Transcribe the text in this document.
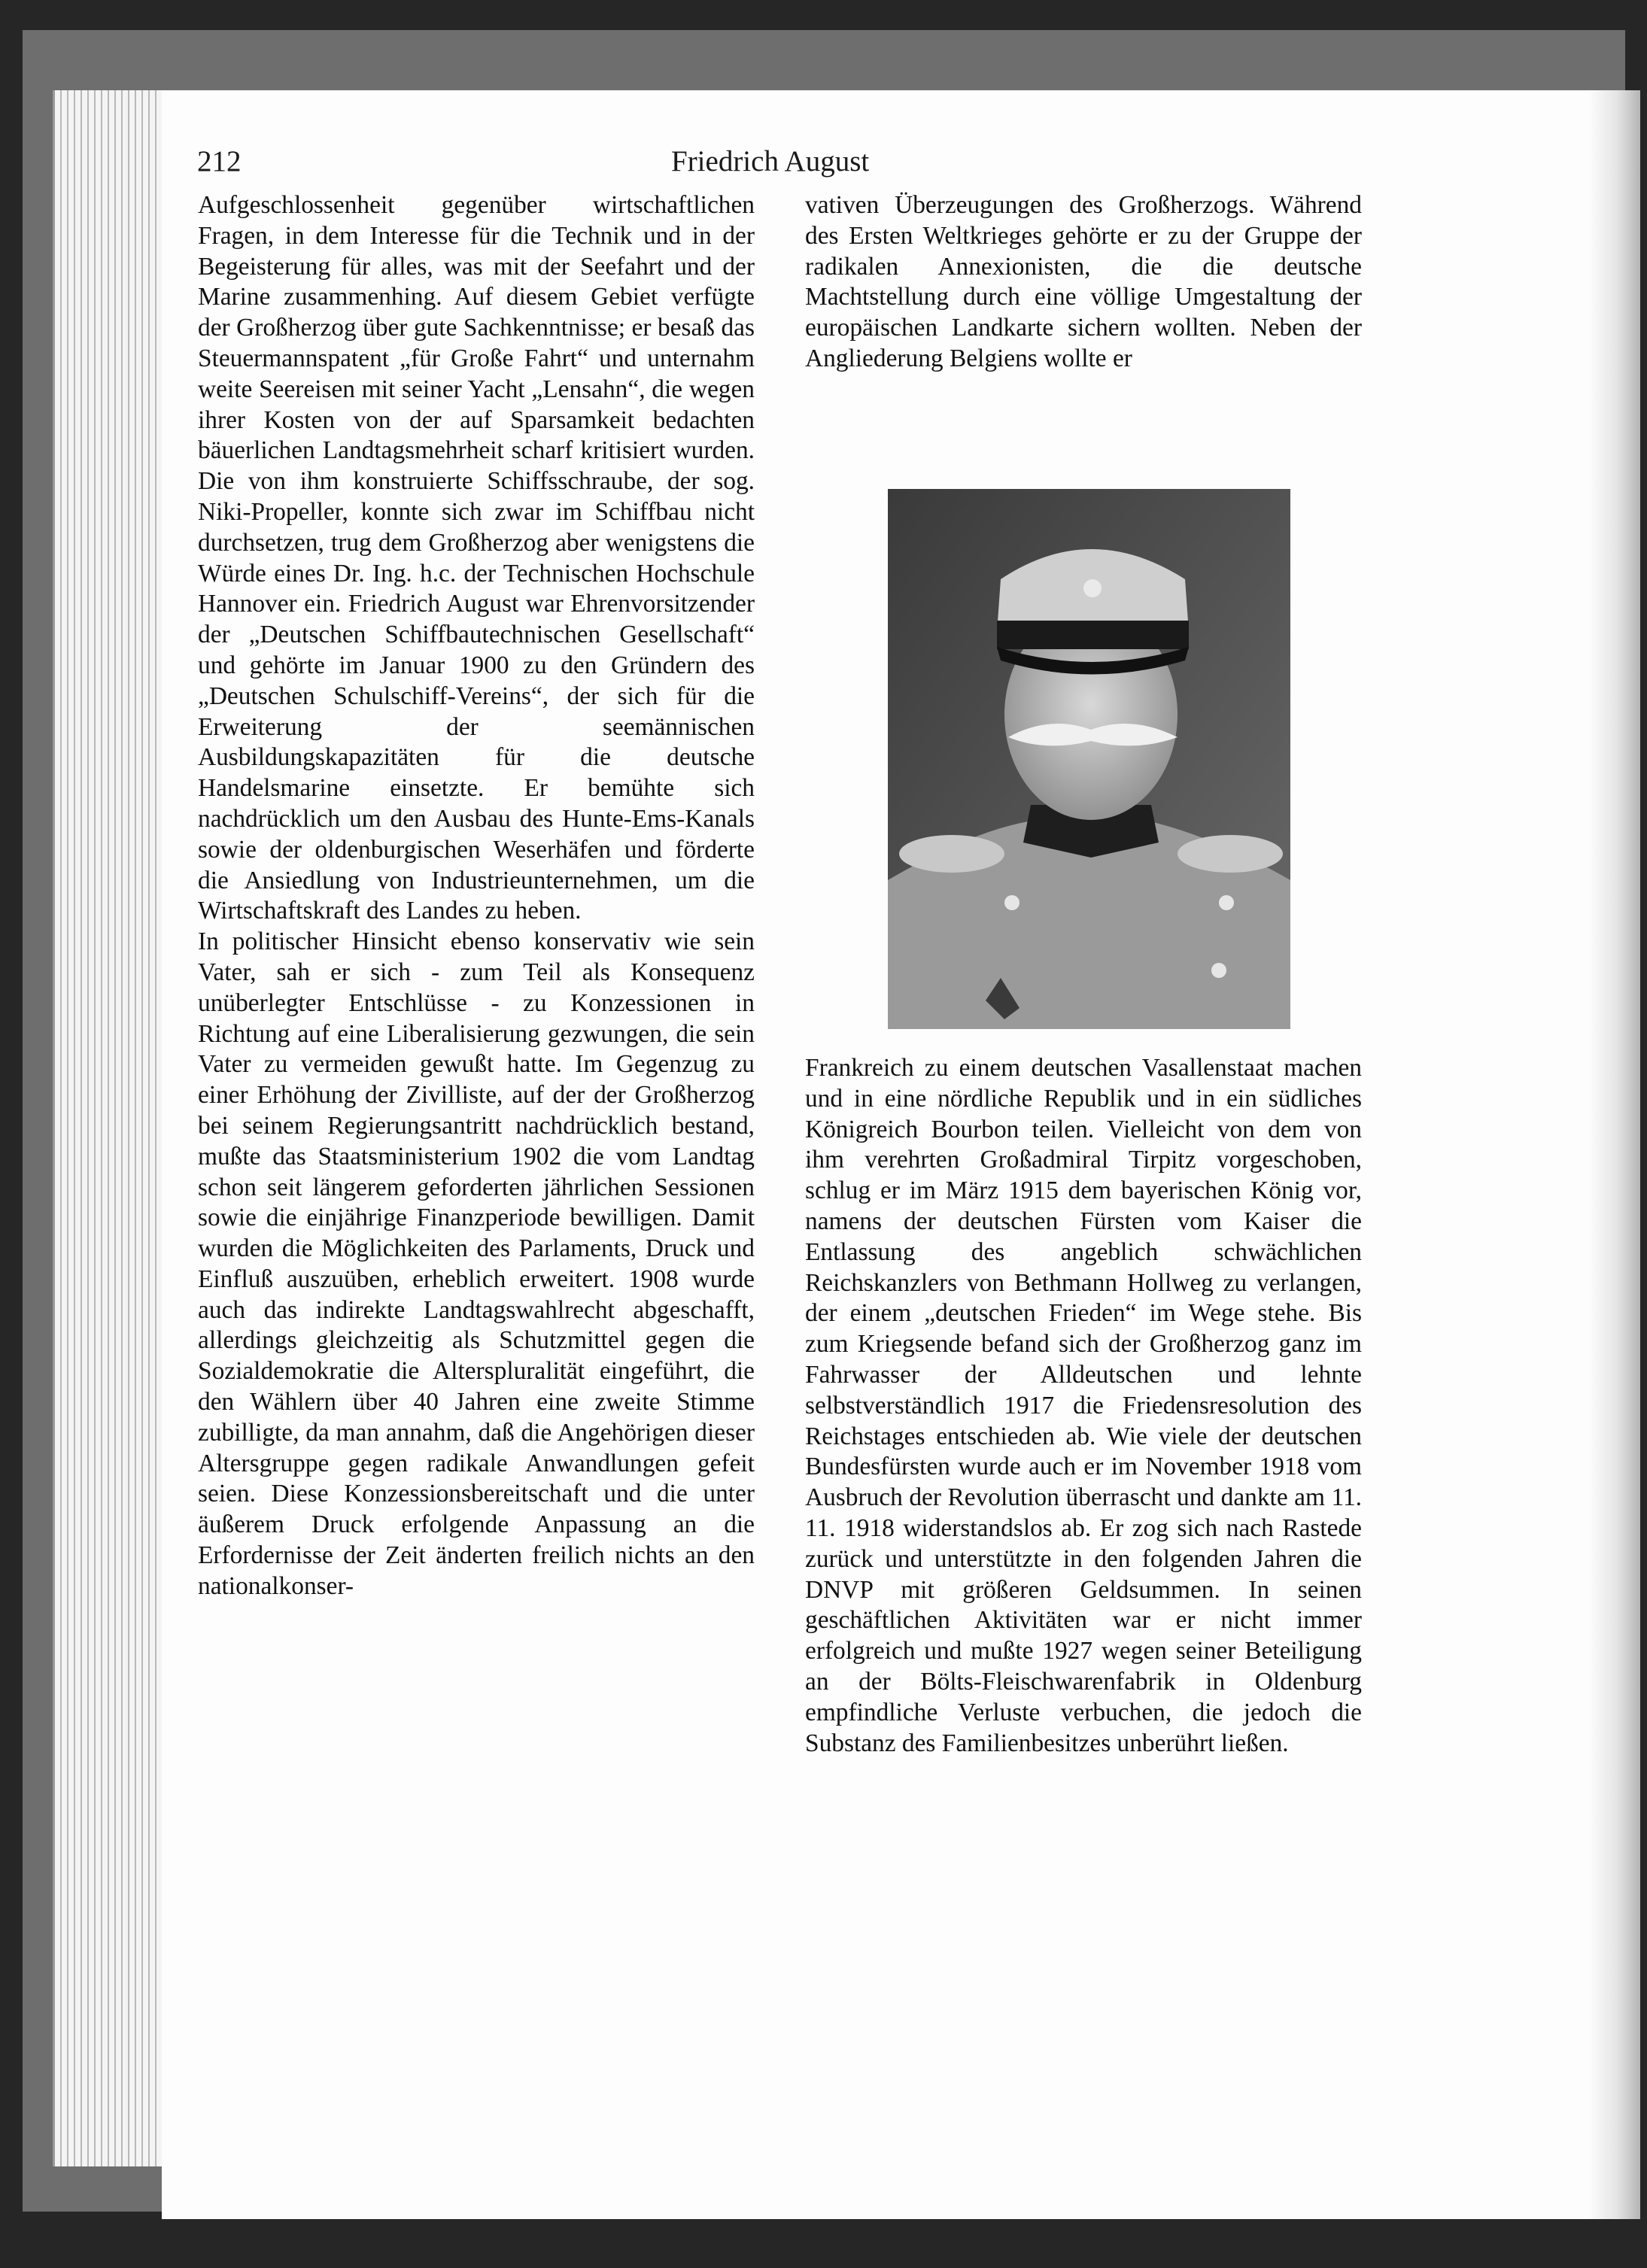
212	Friedrich August

Aufgeschlossenheit gegenüber wirtschaftlichen Fragen, in dem Interesse für die Technik und in der Begeisterung für alles, was mit der Seefahrt und der Marine zusammenhing. Auf diesem Gebiet verfügte der Großherzog über gute Sachkenntnisse; er besaß das Steuermannspatent „für Große Fahrt“ und unternahm weite Seereisen mit seiner Yacht „Lensahn“, die wegen ihrer Kosten von der auf Sparsamkeit bedachten bäuerlichen Landtagsmehrheit scharf kritisiert wurden. Die von ihm konstruierte Schiffsschraube, der sog. Niki-Propeller, konnte sich zwar im Schiffbau nicht durchsetzen, trug dem Großherzog aber wenigstens die Würde eines Dr. Ing. h.c. der Technischen Hochschule Hannover ein. Friedrich August war Ehrenvorsitzender der „Deutschen Schiffbautechnischen Gesellschaft“ und gehörte im Januar 1900 zu den Gründern des „Deutschen Schulschiff-Vereins“, der sich für die Erweiterung der seemännischen Ausbildungskapazitäten für die deutsche Handelsmarine einsetzte. Er bemühte sich nachdrücklich um den Ausbau des Hunte-Ems-Kanals sowie der oldenburgischen Weserhäfen und förderte die Ansiedlung von Industrieunternehmen, um die Wirtschaftskraft des Landes zu heben.

In politischer Hinsicht ebenso konservativ wie sein Vater, sah er sich - zum Teil als Konsequenz unüberlegter Entschlüsse - zu Konzessionen in Richtung auf eine Liberalisierung gezwungen, die sein Vater zu vermeiden gewußt hatte. Im Gegenzug zu einer Erhöhung der Zivilliste, auf der der Großherzog bei seinem Regierungsantritt nachdrücklich bestand, mußte das Staatsministerium 1902 die vom Landtag schon seit längerem geforderten jährlichen Sessionen sowie die einjährige Finanzperiode bewilligen. Damit wurden die Möglichkeiten des Parlaments, Druck und Einfluß auszuüben, erheblich erweitert. 1908 wurde auch das indirekte Landtagswahlrecht abgeschafft, allerdings gleichzeitig als Schutzmittel gegen die Sozialdemokratie die Alterspluralität eingeführt, die den Wählern über 40 Jahren eine zweite Stimme zubilligte, da man annahm, daß die Angehörigen dieser Altersgruppe gegen radikale Anwandlungen gefeit seien. Diese Konzessionsbereitschaft und die unter äußerem Druck erfolgende Anpassung an die Erfordernisse der Zeit änderten freilich nichts an den nationalkonser-

vativen Überzeugungen des Großherzogs. Während des Ersten Weltkrieges gehörte er zu der Gruppe der radikalen Annexionisten, die die deutsche Machtstellung durch eine völlige Umgestaltung der europäischen Landkarte sichern wollten. Neben der Angliederung Belgiens wollte er

Frankreich zu einem deutschen Vasallenstaat machen und in eine nördliche Republik und in ein südliches Königreich Bourbon teilen. Vielleicht von dem von ihm verehrten Großadmiral Tirpitz vorgeschoben, schlug er im März 1915 dem bayerischen König vor, namens der deutschen Fürsten vom Kaiser die Entlassung des angeblich schwächlichen Reichskanzlers von Bethmann Hollweg zu verlangen, der einem „deutschen Frieden“ im Wege stehe. Bis zum Kriegsende befand sich der Großherzog ganz im Fahrwasser der Alldeutschen und lehnte selbstverständlich 1917 die Friedensresolution des Reichstages entschieden ab. Wie viele der deutschen Bundesfürsten wurde auch er im November 1918 vom Ausbruch der Revolution überrascht und dankte am 11. 11. 1918 widerstandslos ab. Er zog sich nach Rastede zurück und unterstützte in den folgenden Jahren die DNVP mit größeren Geldsummen. In seinen geschäftlichen Aktivitäten war er nicht immer erfolgreich und mußte 1927 wegen seiner Beteiligung an der Bölts-Fleischwarenfabrik in Oldenburg empfindliche Verluste verbuchen, die jedoch die Substanz des Familienbesitzes unberührt ließen.
